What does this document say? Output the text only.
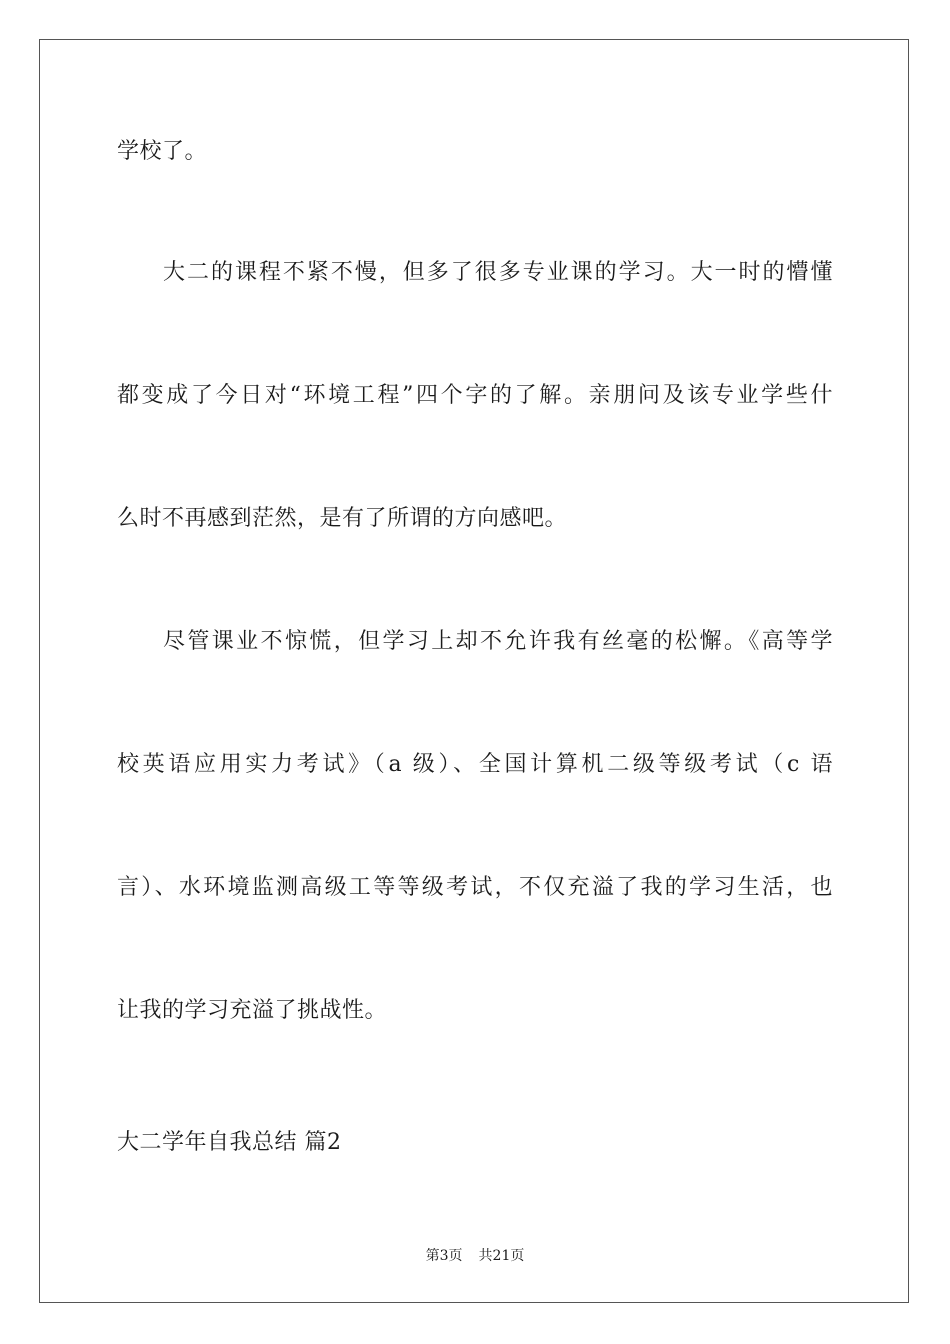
学校了。
大二的课程不紧不慢，但多了很多专业课的学习。大一时的懵懂
都变成了今日对“环境工程”四个字的了解。亲朋问及该专业学些什
么时不再感到茫然，是有了所谓的方向感吧。
尽管课业不惊慌，但学习上却不允许我有丝毫的松懈。《高等学
校英语应用实力考试》（a 级）、全国计算机二级等级考试（c 语
言）、水环境监测高级工等等级考试，不仅充溢了我的学习生活，也
让我的学习充溢了挑战性。
大二学年自我总结 篇2
第3页 共21页
